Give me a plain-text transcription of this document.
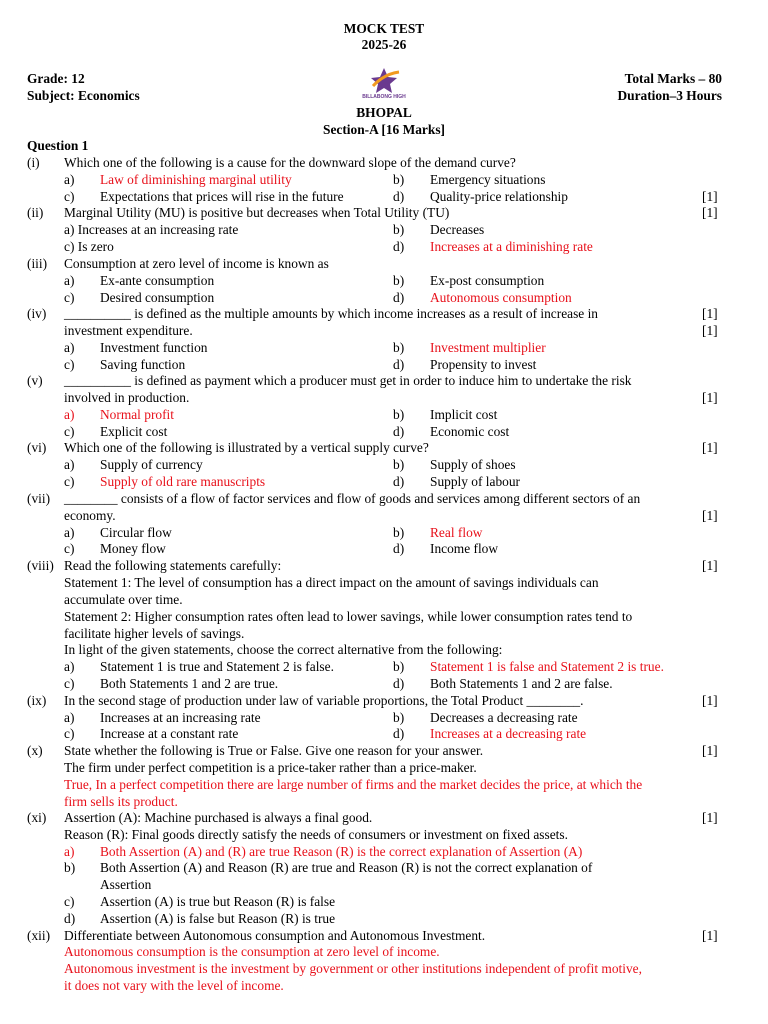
MOCK TEST
2025-26
Grade: 12
Subject: Economics
Total Marks – 80
Duration–3 Hours
BILLABONG HIGH
BHOPAL
Section-A [16 Marks]
Question 1
(i) Which one of the following is a cause for the downward slope of the demand curve?
a) Law of diminishing marginal utility	b) Emergency situations
c) Expectations that prices will rise in the future	d) Quality-price relationship	[1]
(ii) Marginal Utility (MU) is positive but decreases when Total Utility (TU)	[1]
a) Increases at an increasing rate	b) Decreases
c) Is zero	d) Increases at a diminishing rate
(iii) Consumption at zero level of income is known as
a) Ex-ante consumption	b) Ex-post consumption
c) Desired consumption	d) Autonomous consumption
(iv) __________ is defined as the multiple amounts by which income increases as a result of increase in	[1]
investment expenditure.	[1]
a) Investment function	b) Investment multiplier
c) Saving function	d) Propensity to invest
(v) __________ is defined as payment which a producer must get in order to induce him to undertake the risk
involved in production.	[1]
a) Normal profit	b) Implicit cost
c) Explicit cost	d) Economic cost
(vi) Which one of the following is illustrated by a vertical supply curve?	[1]
a) Supply of currency	b) Supply of shoes
c) Supply of old rare manuscripts	d) Supply of labour
(vii) ________ consists of a flow of factor services and flow of goods and services among different sectors of an
economy.	[1]
a) Circular flow	b) Real flow
c) Money flow	d) Income flow
(viii) Read the following statements carefully:	[1]
Statement 1: The level of consumption has a direct impact on the amount of savings individuals can
accumulate over time.
Statement 2: Higher consumption rates often lead to lower savings, while lower consumption rates tend to
facilitate higher levels of savings.
In light of the given statements, choose the correct alternative from the following:
a) Statement 1 is true and Statement 2 is false.	b) Statement 1 is false and Statement 2 is true.
c) Both Statements 1 and 2 are true.	d) Both Statements 1 and 2 are false.
(ix) In the second stage of production under law of variable proportions, the Total Product ________.	[1]
a) Increases at an increasing rate	b) Decreases a decreasing rate
c) Increase at a constant rate	d) Increases at a decreasing rate
(x) State whether the following is True or False. Give one reason for your answer.	[1]
The firm under perfect competition is a price-taker rather than a price-maker.
True, In a perfect competition there are large number of firms and the market decides the price, at which the
firm sells its product.
(xi) Assertion (A): Machine purchased is always a final good.	[1]
Reason (R): Final goods directly satisfy the needs of consumers or investment on fixed assets.
a) Both Assertion (A) and (R) are true Reason (R) is the correct explanation of Assertion (A)
b) Both Assertion (A) and Reason (R) are true and Reason (R) is not the correct explanation of
Assertion
c) Assertion (A) is true but Reason (R) is false
d) Assertion (A) is false but Reason (R) is true
(xii) Differentiate between Autonomous consumption and Autonomous Investment.	[1]
Autonomous consumption is the consumption at zero level of income.
Autonomous investment is the investment by government or other institutions independent of profit motive,
it does not vary with the level of income.
